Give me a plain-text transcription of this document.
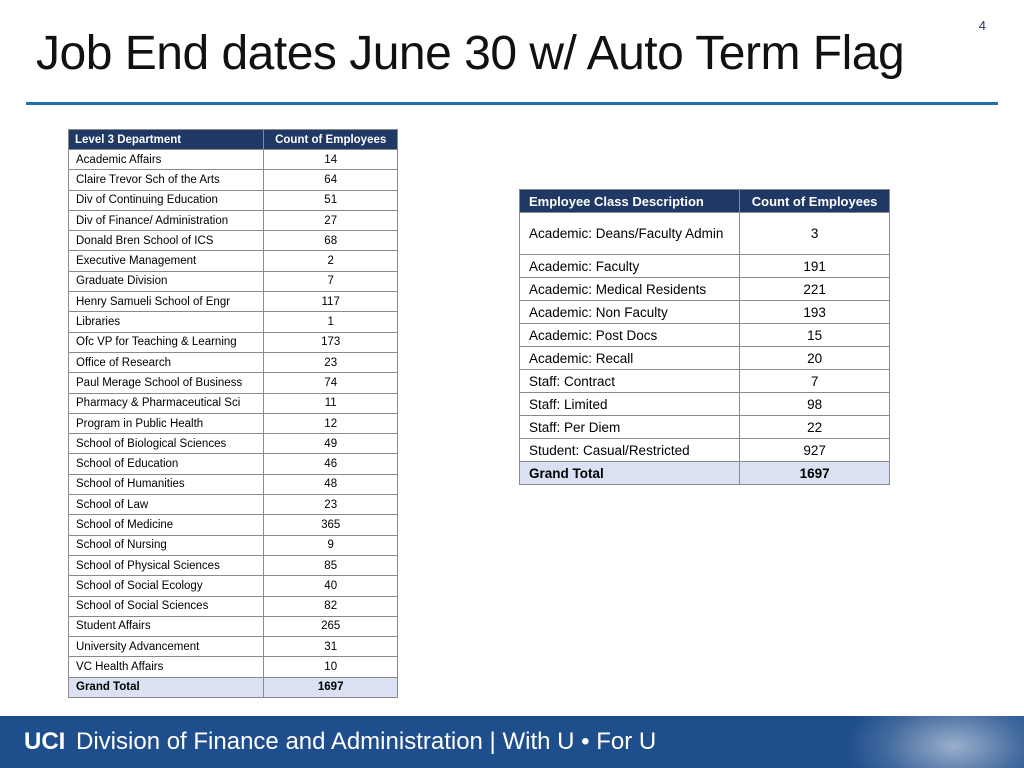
Job End dates June 30 w/ Auto Term Flag
Level 3 Department	Count of Employees
Academic Affairs	14
Claire Trevor Sch of the Arts	64
Div of Continuing Education	51
Div of Finance/ Administration	27
Donald Bren School of ICS	68
Executive Management	2
Graduate Division	7
Henry Samueli School of Engr	117
Libraries	1
Ofc VP for Teaching & Learning	173
Office of Research	23
Paul Merage School of Business	74
Pharmacy & Pharmaceutical Sci	11
Program in Public Health	12
School of Biological Sciences	49
School of Education	46
School of Humanities	48
School of Law	23
School of Medicine	365
School of Nursing	9
School of Physical Sciences	85
School of Social Ecology	40
School of Social Sciences	82
Student Affairs	265
University Advancement	31
VC Health Affairs	10
Grand Total	1697
Employee Class Description	Count of Employees
Academic: Deans/Faculty Admin	3
Academic: Faculty	191
Academic: Medical Residents	221
Academic: Non Faculty	193
Academic: Post Docs	15
Academic: Recall	20
Staff: Contract	7
Staff: Limited	98
Staff: Per Diem	22
Student: Casual/Restricted	927
Grand Total	1697
UCI Division of Finance and Administration | With U • For U
4
